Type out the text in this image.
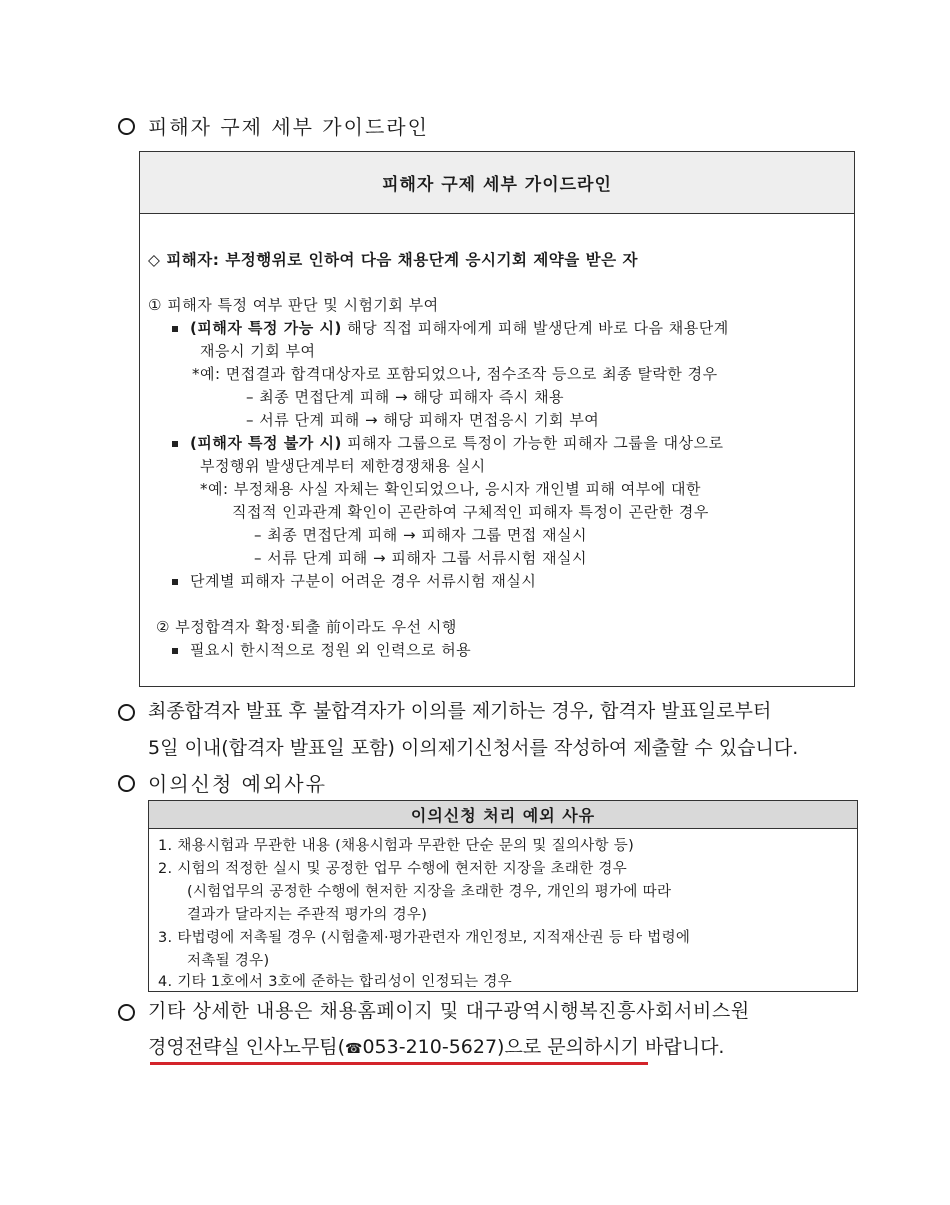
피해자 구제 세부 가이드라인
피해자 구제 세부 가이드라인
◇ 피해자: 부정행위로 인하여 다음 채용단계 응시기회 제약을 받은 자
① 피해자 특정 여부 판단 및 시험기회 부여
(피해자 특정 가능 시) 해당 직접 피해자에게 피해 발생단계 바로 다음 채용단계
재응시 기회 부여
*예: 면접결과 합격대상자로 포함되었으나, 점수조작 등으로 최종 탈락한 경우
– 최종 면접단계 피해 → 해당 피해자 즉시 채용
– 서류 단계 피해 → 해당 피해자 면접응시 기회 부여
(피해자 특정 불가 시) 피해자 그룹으로 특정이 가능한 피해자 그룹을 대상으로
부정행위 발생단계부터 제한경쟁채용 실시
*예: 부정채용 사실 자체는 확인되었으나, 응시자 개인별 피해 여부에 대한
직접적 인과관계 확인이 곤란하여 구체적인 피해자 특정이 곤란한 경우
– 최종 면접단계 피해 → 피해자 그룹 면접 재실시
– 서류 단계 피해 → 피해자 그룹 서류시험 재실시
단계별 피해자 구분이 어려운 경우 서류시험 재실시
② 부정합격자 확정·퇴출 前이라도 우선 시행
필요시 한시적으로 정원 외 인력으로 허용
최종합격자 발표 후 불합격자가 이의를 제기하는 경우, 합격자 발표일로부터
5일 이내(합격자 발표일 포함) 이의제기신청서를 작성하여 제출할 수 있습니다.
이의신청 예외사유
이의신청 처리 예외 사유
1. 채용시험과 무관한 내용 (채용시험과 무관한 단순 문의 및 질의사항 등)
2. 시험의 적정한 실시 및 공정한 업무 수행에 현저한 지장을 초래한 경우
(시험업무의 공정한 수행에 현저한 지장을 초래한 경우, 개인의 평가에 따라
결과가 달라지는 주관적 평가의 경우)
3. 타법령에 저촉될 경우 (시험출제·평가관련자 개인정보, 지적재산권 등 타 법령에
저촉될 경우)
4. 기타 1호에서 3호에 준하는 합리성이 인정되는 경우
기타 상세한 내용은 채용홈페이지 및 대구광역시행복진흥사회서비스원
경영전략실 인사노무팀(☎053-210-5627)으로 문의하시기 바랍니다.
